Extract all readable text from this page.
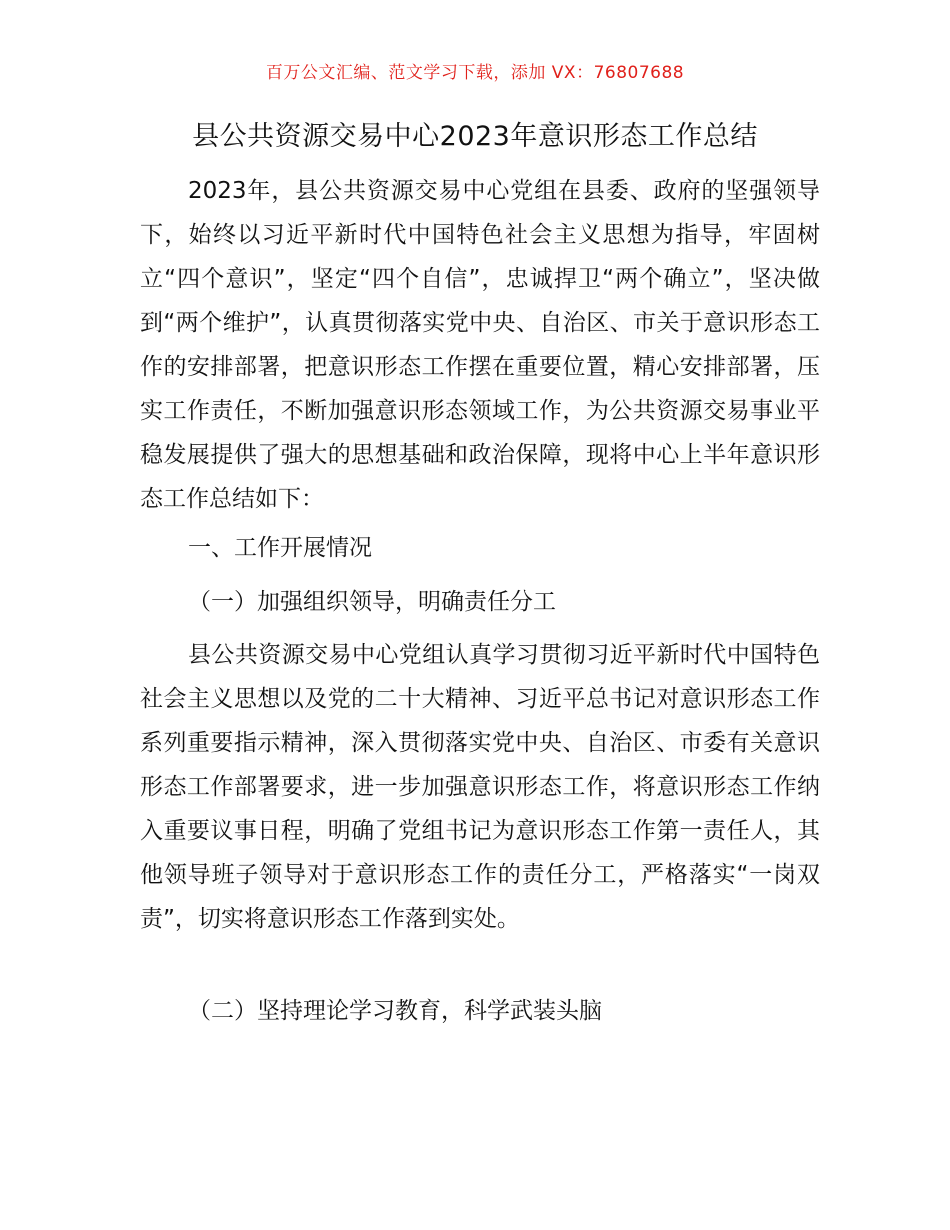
百万公文汇编、范文学习下载，添加 VX：76807688
县公共资源交易中心2023年意识形态工作总结
2023年，县公共资源交易中心党组在县委、政府的坚强领导下，始终以习近平新时代中国特色社会主义思想为指导，牢固树立“四个意识”，坚定“四个自信”，忠诚捍卫“两个确立”，坚决做到“两个维护”，认真贯彻落实党中央、自治区、市关于意识形态工作的安排部署，把意识形态工作摆在重要位置，精心安排部署，压实工作责任，不断加强意识形态领域工作，为公共资源交易事业平稳发展提供了强大的思想基础和政治保障，现将中心上半年意识形态工作总结如下：
一、工作开展情况
（一）加强组织领导，明确责任分工
县公共资源交易中心党组认真学习贯彻习近平新时代中国特色社会主义思想以及党的二十大精神、习近平总书记对意识形态工作系列重要指示精神，深入贯彻落实党中央、自治区、市委有关意识形态工作部署要求，进一步加强意识形态工作，将意识形态工作纳入重要议事日程，明确了党组书记为意识形态工作第一责任人，其他领导班子领导对于意识形态工作的责任分工，严格落实“一岗双责”，切实将意识形态工作落到实处。
（二）坚持理论学习教育，科学武装头脑
